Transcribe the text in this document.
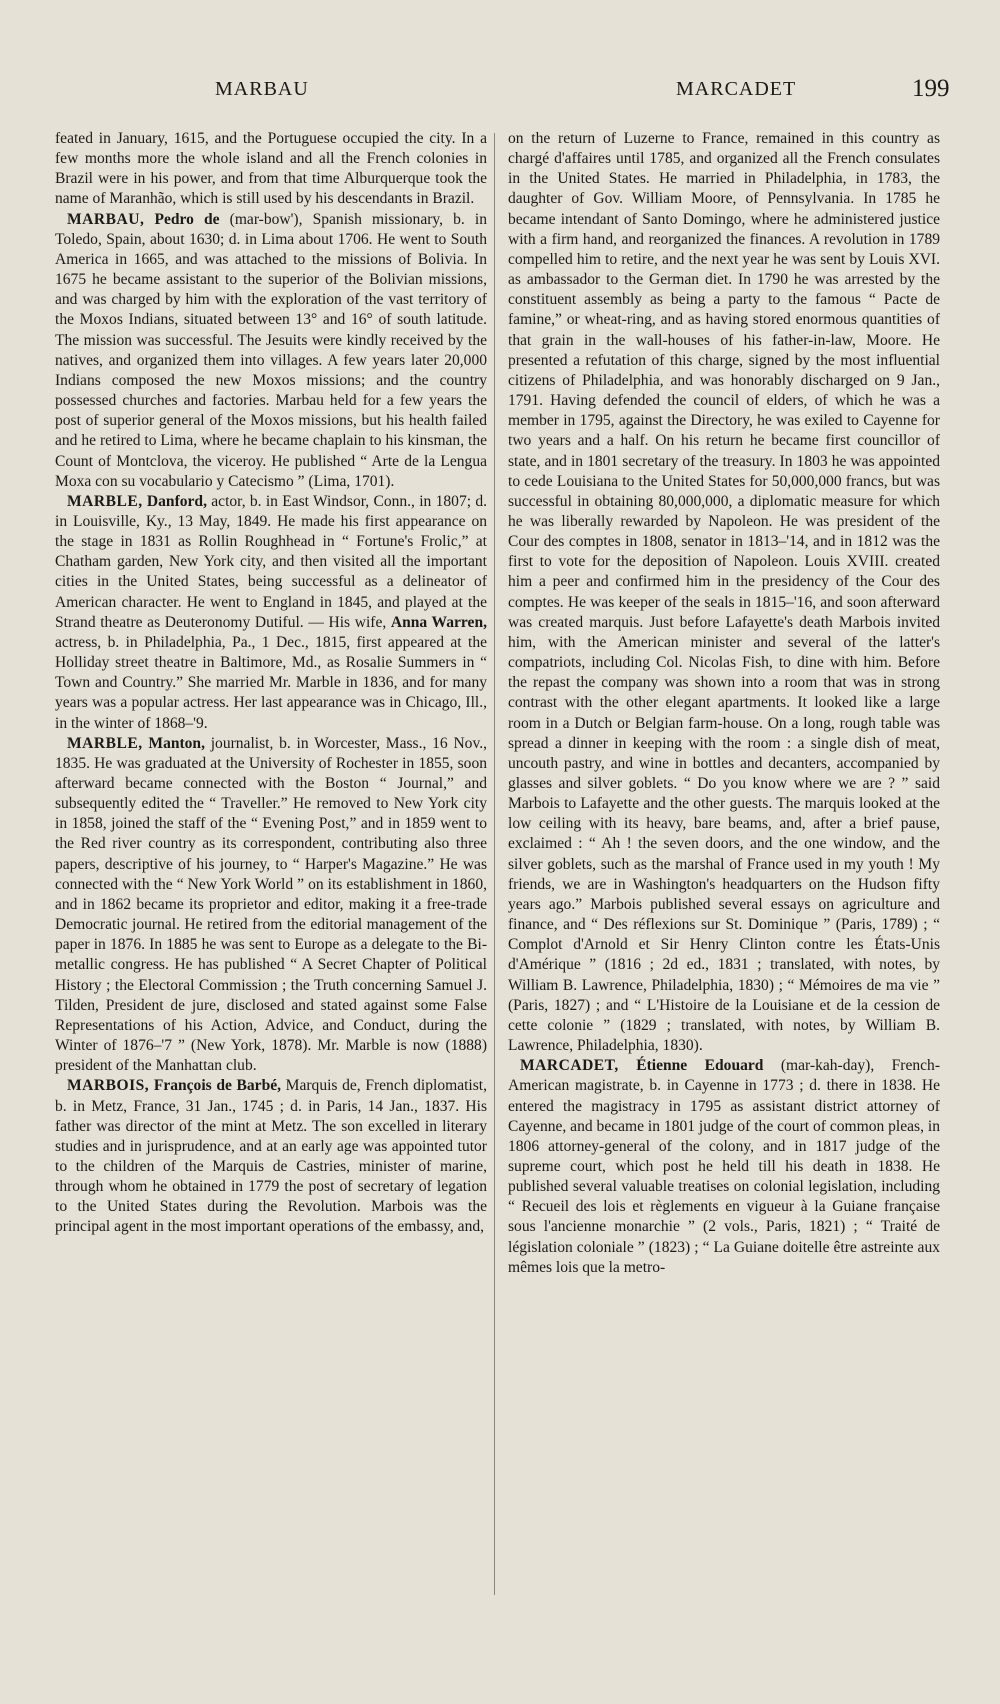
MARBAU	MARCADET	199

feated in January, 1615, and the Portuguese occupied the city. In a few months more the whole island and all the French colonies in Brazil were in his power, and from that time Alburquerque took the name of Maranhão, which is still used by his descendants in Brazil.

MARBAU, Pedro de (mar-bow'), Spanish missionary, b. in Toledo, Spain, about 1630; d. in Lima about 1706. He went to South America in 1665, and was attached to the missions of Bolivia. In 1675 he became assistant to the superior of the Bolivian missions, and was charged by him with the exploration of the vast territory of the Moxos Indians, situated between 13° and 16° of south latitude. The mission was successful. The Jesuits were kindly received by the natives, and organized them into villages. A few years later 20,000 Indians composed the new Moxos missions; and the country possessed churches and factories. Marbau held for a few years the post of superior general of the Moxos missions, but his health failed and he retired to Lima, where he became chaplain to his kinsman, the Count of Montclova, the viceroy. He published “ Arte de la Lengua Moxa con su vocabulario y Catecismo ” (Lima, 1701).

MARBLE, Danford, actor, b. in East Windsor, Conn., in 1807; d. in Louisville, Ky., 13 May, 1849. He made his first appearance on the stage in 1831 as Rollin Roughhead in “ Fortune's Frolic,” at Chatham garden, New York city, and then visited all the important cities in the United States, being successful as a delineator of American character. He went to England in 1845, and played at the Strand theatre as Deuteronomy Dutiful. — His wife, Anna Warren, actress, b. in Philadelphia, Pa., 1 Dec., 1815, first appeared at the Holliday street theatre in Baltimore, Md., as Rosalie Summers in “ Town and Country.” She married Mr. Marble in 1836, and for many years was a popular actress. Her last appearance was in Chicago, Ill., in the winter of 1868–'9.

MARBLE, Manton, journalist, b. in Worcester, Mass., 16 Nov., 1835. He was graduated at the University of Rochester in 1855, soon afterward became connected with the Boston “ Journal,” and subsequently edited the “ Traveller.” He removed to New York city in 1858, joined the staff of the “ Evening Post,” and in 1859 went to the Red river country as its correspondent, contributing also three papers, descriptive of his journey, to “ Harper's Magazine.” He was connected with the “ New York World ” on its establishment in 1860, and in 1862 became its proprietor and editor, making it a free-trade Democratic journal. He retired from the editorial management of the paper in 1876. In 1885 he was sent to Europe as a delegate to the Bi-metallic congress. He has published “ A Secret Chapter of Political History ; the Electoral Commission ; the Truth concerning Samuel J. Tilden, President de jure, disclosed and stated against some False Representations of his Action, Advice, and Conduct, during the Winter of 1876–'7 ” (New York, 1878). Mr. Marble is now (1888) president of the Manhattan club.

MARBOIS, François de Barbé, Marquis de, French diplomatist, b. in Metz, France, 31 Jan., 1745 ; d. in Paris, 14 Jan., 1837. His father was director of the mint at Metz. The son excelled in literary studies and in jurisprudence, and at an early age was appointed tutor to the children of the Marquis de Castries, minister of marine, through whom he obtained in 1779 the post of secretary of legation to the United States during the Revolution. Marbois was the principal agent in the most important operations of the embassy, and,

on the return of Luzerne to France, remained in this country as chargé d'affaires until 1785, and organized all the French consulates in the United States. He married in Philadelphia, in 1783, the daughter of Gov. William Moore, of Pennsylvania. In 1785 he became intendant of Santo Domingo, where he administered justice with a firm hand, and reorganized the finances. A revolution in 1789 compelled him to retire, and the next year he was sent by Louis XVI. as ambassador to the German diet. In 1790 he was arrested by the constituent assembly as being a party to the famous “ Pacte de famine,” or wheat-ring, and as having stored enormous quantities of that grain in the wall-houses of his father-in-law, Moore. He presented a refutation of this charge, signed by the most influential citizens of Philadelphia, and was honorably discharged on 9 Jan., 1791. Having defended the council of elders, of which he was a member in 1795, against the Directory, he was exiled to Cayenne for two years and a half. On his return he became first councillor of state, and in 1801 secretary of the treasury. In 1803 he was appointed to cede Louisiana to the United States for 50,000,000 francs, but was successful in obtaining 80,000,000, a diplomatic measure for which he was liberally rewarded by Napoleon. He was president of the Cour des comptes in 1808, senator in 1813–'14, and in 1812 was the first to vote for the deposition of Napoleon. Louis XVIII. created him a peer and confirmed him in the presidency of the Cour des comptes. He was keeper of the seals in 1815–'16, and soon afterward was created marquis. Just before Lafayette's death Marbois invited him, with the American minister and several of the latter's compatriots, including Col. Nicolas Fish, to dine with him. Before the repast the company was shown into a room that was in strong contrast with the other elegant apartments. It looked like a large room in a Dutch or Belgian farm-house. On a long, rough table was spread a dinner in keeping with the room : a single dish of meat, uncouth pastry, and wine in bottles and decanters, accompanied by glasses and silver goblets. “ Do you know where we are ? ” said Marbois to Lafayette and the other guests. The marquis looked at the low ceiling with its heavy, bare beams, and, after a brief pause, exclaimed : “ Ah ! the seven doors, and the one window, and the silver goblets, such as the marshal of France used in my youth ! My friends, we are in Washington's headquarters on the Hudson fifty years ago.” Marbois published several essays on agriculture and finance, and “ Des réflexions sur St. Dominique ” (Paris, 1789) ; “ Complot d'Arnold et Sir Henry Clinton contre les États-Unis d'Amérique ” (1816 ; 2d ed., 1831 ; translated, with notes, by William B. Lawrence, Philadelphia, 1830) ; “ Mémoires de ma vie ” (Paris, 1827) ; and “ L'Histoire de la Louisiane et de la cession de cette colonie ” (1829 ; translated, with notes, by William B. Lawrence, Philadelphia, 1830).

MARCADET, Étienne Edouard (mar-kah-day), French-American magistrate, b. in Cayenne in 1773 ; d. there in 1838. He entered the magistracy in 1795 as assistant district attorney of Cayenne, and became in 1801 judge of the court of common pleas, in 1806 attorney-general of the colony, and in 1817 judge of the supreme court, which post he held till his death in 1838. He published several valuable treatises on colonial legislation, including “ Recueil des lois et règlements en vigueur à la Guiane française sous l'ancienne monarchie ” (2 vols., Paris, 1821) ; “ Traité de législation coloniale ” (1823) ; “ La Guiane doitelle être astreinte aux mêmes lois que la metro-
